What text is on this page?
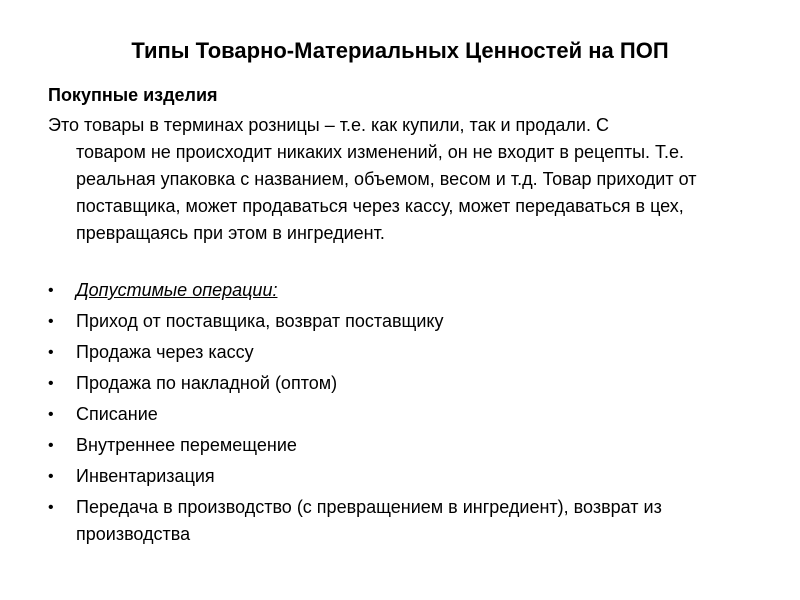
Типы Товарно-Материальных Ценностей на ПОП
Покупные изделия
Это товары в терминах розницы – т.е. как купили, так и продали. С
товаром не происходит никаких изменений, он не входит в рецепты. Т.е. реальная упаковка с названием, объемом, весом и т.д. Товар приходит от поставщика, может продаваться через кассу, может передаваться в цех, превращаясь при этом в ингредиент.
•	Допустимые операции:
•	Приход от поставщика, возврат поставщику
•	Продажа через кассу
•	Продажа по накладной (оптом)
•	Списание
•	Внутреннее перемещение
•	Инвентаризация
•	Передача в производство (с превращением в ингредиент), возврат из производства
